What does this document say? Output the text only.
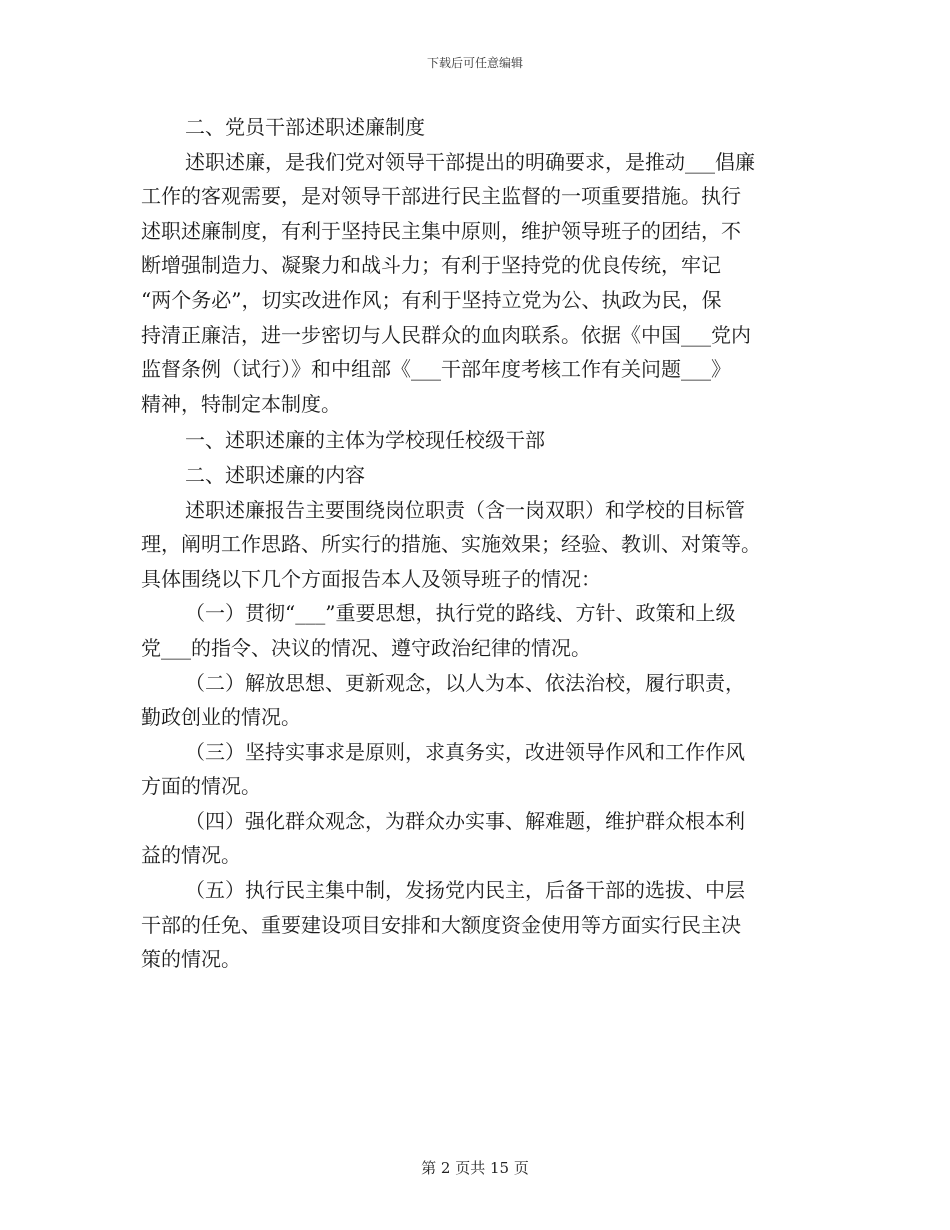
下载后可任意编辑
二、党员干部述职述廉制度
述职述廉，是我们党对领导干部提出的明确要求，是推动___倡廉
工作的客观需要，是对领导干部进行民主监督的一项重要措施。执行
述职述廉制度，有利于坚持民主集中原则，维护领导班子的团结，不
断增强制造力、凝聚力和战斗力；有利于坚持党的优良传统，牢记
“两个务必”，切实改进作风；有利于坚持立党为公、执政为民，保
持清正廉洁，进一步密切与人民群众的血肉联系。依据《中国___党内
监督条例（试行）》和中组部《___干部年度考核工作有关问题___》
精神，特制定本制度。
一、述职述廉的主体为学校现任校级干部
二、述职述廉的内容
述职述廉报告主要围绕岗位职责（含一岗双职）和学校的目标管
理，阐明工作思路、所实行的措施、实施效果；经验、教训、对策等。
具体围绕以下几个方面报告本人及领导班子的情况：
（一）贯彻“___”重要思想，执行党的路线、方针、政策和上级
党___的指令、决议的情况、遵守政治纪律的情况。
（二）解放思想、更新观念，以人为本、依法治校，履行职责，
勤政创业的情况。
（三）坚持实事求是原则，求真务实，改进领导作风和工作作风
方面的情况。
（四）强化群众观念，为群众办实事、解难题，维护群众根本利
益的情况。
（五）执行民主集中制，发扬党内民主，后备干部的选拔、中层
干部的任免、重要建设项目安排和大额度资金使用等方面实行民主决
策的情况。
第 2 页共 15 页
